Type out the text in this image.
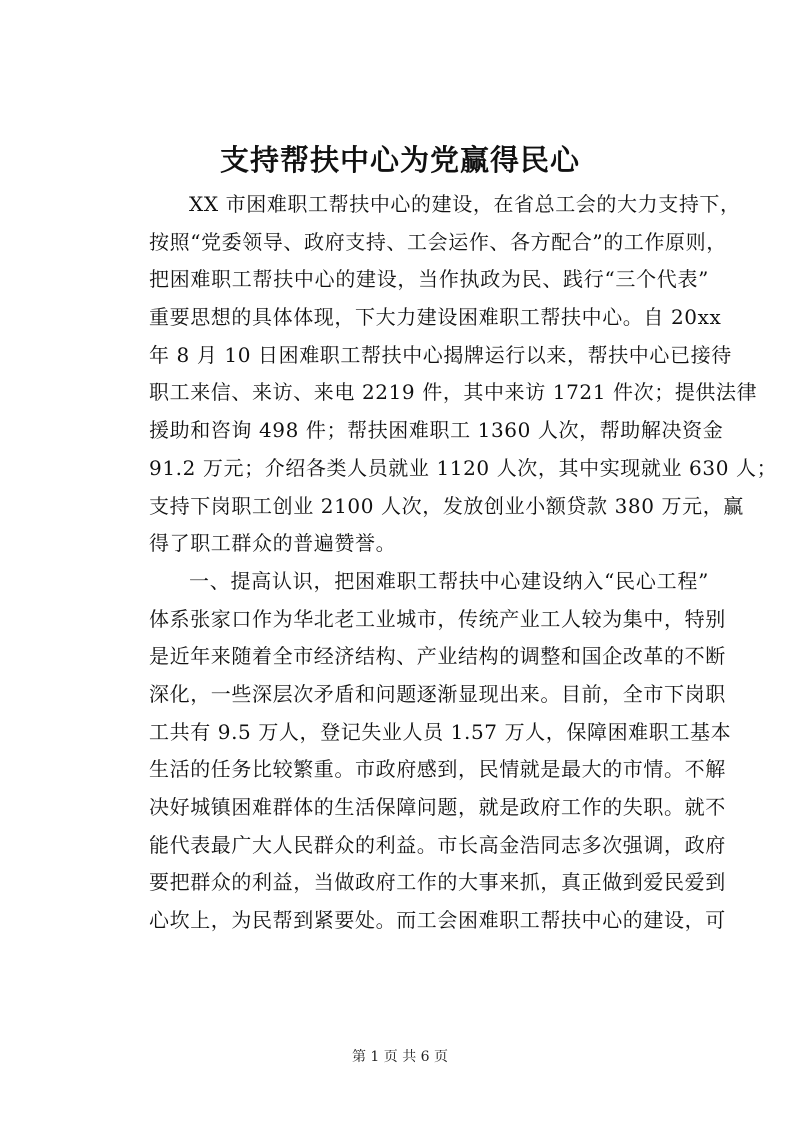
支持帮扶中心为党赢得民心
XX 市困难职工帮扶中心的建设，在省总工会的大力支持下，
按照“党委领导、政府支持、工会运作、各方配合”的工作原则，
把困难职工帮扶中心的建设，当作执政为民、践行“三个代表”
重要思想的具体体现，下大力建设困难职工帮扶中心。自 20xx
年 8 月 10 日困难职工帮扶中心揭牌运行以来，帮扶中心已接待
职工来信、来访、来电 2219 件，其中来访 1721 件次；提供法律
援助和咨询 498 件；帮扶困难职工 1360 人次，帮助解决资金
91.2 万元；介绍各类人员就业 1120 人次，其中实现就业 630 人；
支持下岗职工创业 2100 人次，发放创业小额贷款 380 万元，赢
得了职工群众的普遍赞誉。
一、提高认识，把困难职工帮扶中心建设纳入“民心工程”
体系张家口作为华北老工业城市，传统产业工人较为集中，特别
是近年来随着全市经济结构、产业结构的调整和国企改革的不断
深化，一些深层次矛盾和问题逐渐显现出来。目前，全市下岗职
工共有 9.5 万人，登记失业人员 1.57 万人，保障困难职工基本
生活的任务比较繁重。市政府感到，民情就是最大的市情。不解
决好城镇困难群体的生活保障问题，就是政府工作的失职。就不
能代表最广大人民群众的利益。市长高金浩同志多次强调，政府
要把群众的利益，当做政府工作的大事来抓，真正做到爱民爱到
心坎上，为民帮到紧要处。而工会困难职工帮扶中心的建设，可
第 1 页 共 6 页
